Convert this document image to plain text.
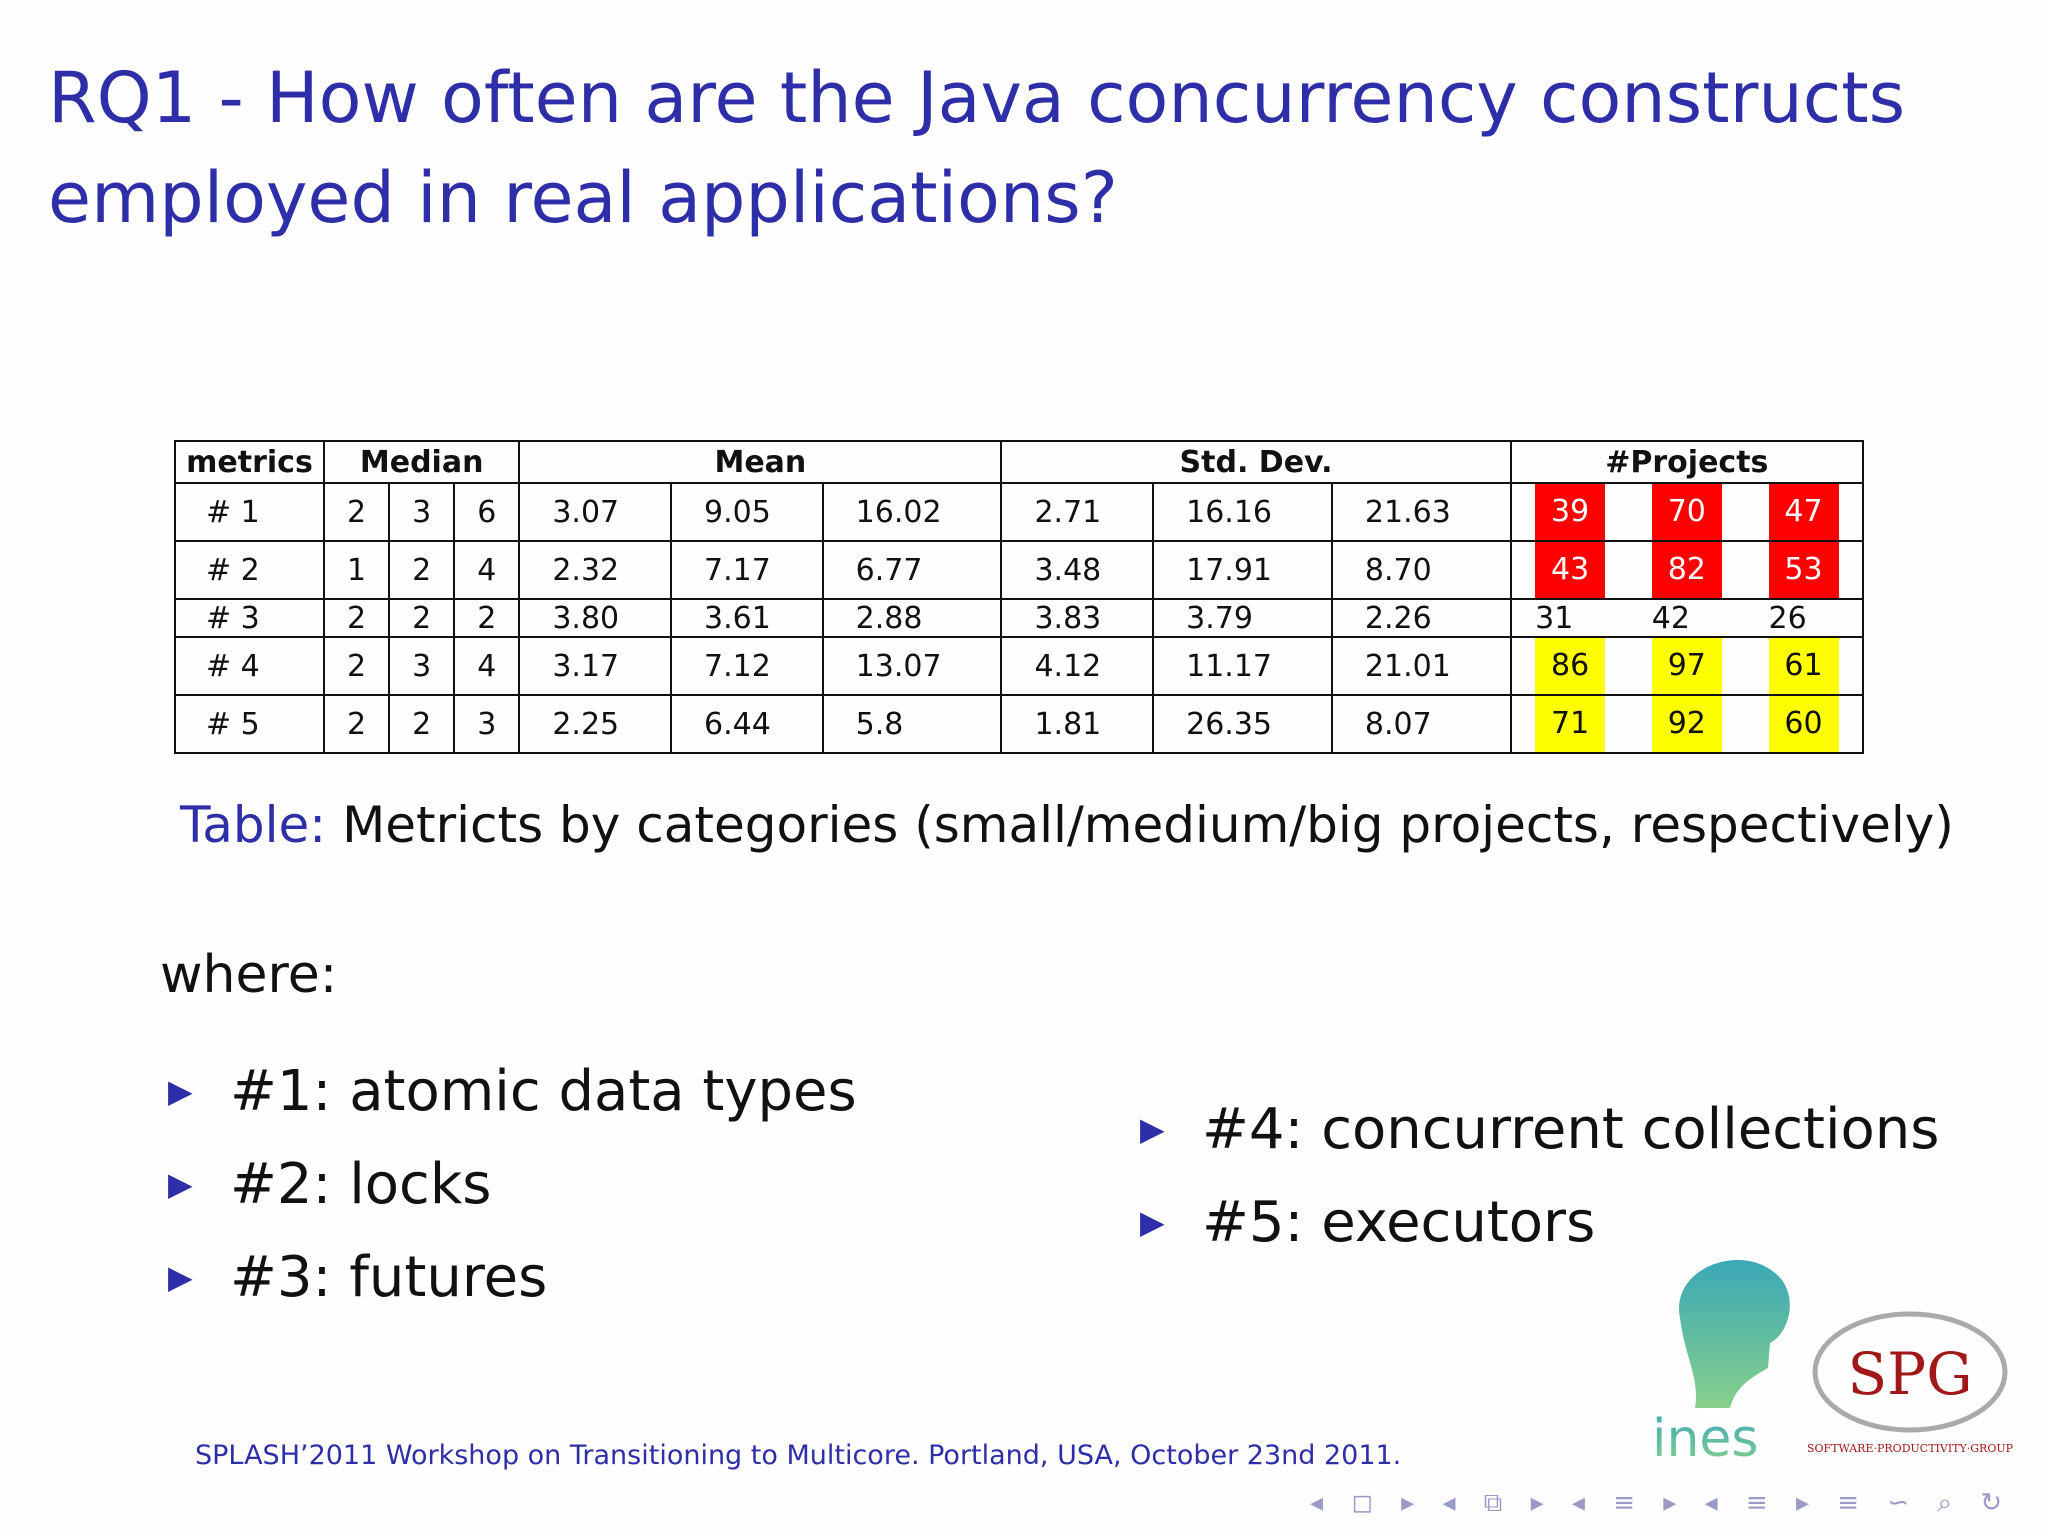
RQ1 - How often are the Java concurrency constructs employed in real applications?
metrics	Median			Mean			Std. Dev.			#Projects		
# 1	2	3	6	3.07	9.05	16.02	2.71	16.16	21.63	39	70	47
# 2	1	2	4	2.32	7.17	6.77	3.48	17.91	8.70	43	82	53
# 3	2	2	2	3.80	3.61	2.88	3.83	3.79	2.26	31	42	26
# 4	2	3	4	3.17	7.12	13.07	4.12	11.17	21.01	86	97	61
# 5	2	2	3	2.25	6.44	5.8	1.81	26.35	8.07	71	92	60

Table: Metricts by categories (small/medium/big projects, respectively)

where:

▶ #1: atomic data types
▶ #2: locks
▶ #3: futures
▶ #4: concurrent collections
▶ #5: executors
ines
SPG
SOFTWARE·PRODUCTIVITY·GROUP

SPLASH’2011 Workshop on Transitioning to Multicore. Portland, USA, October 23nd 2011.

◂ ◻ ▸ ◂ ⧉ ▸ ◂ ≡ ▸ ◂ ≡ ▸ ≡ ∽ ⌕ ↻
